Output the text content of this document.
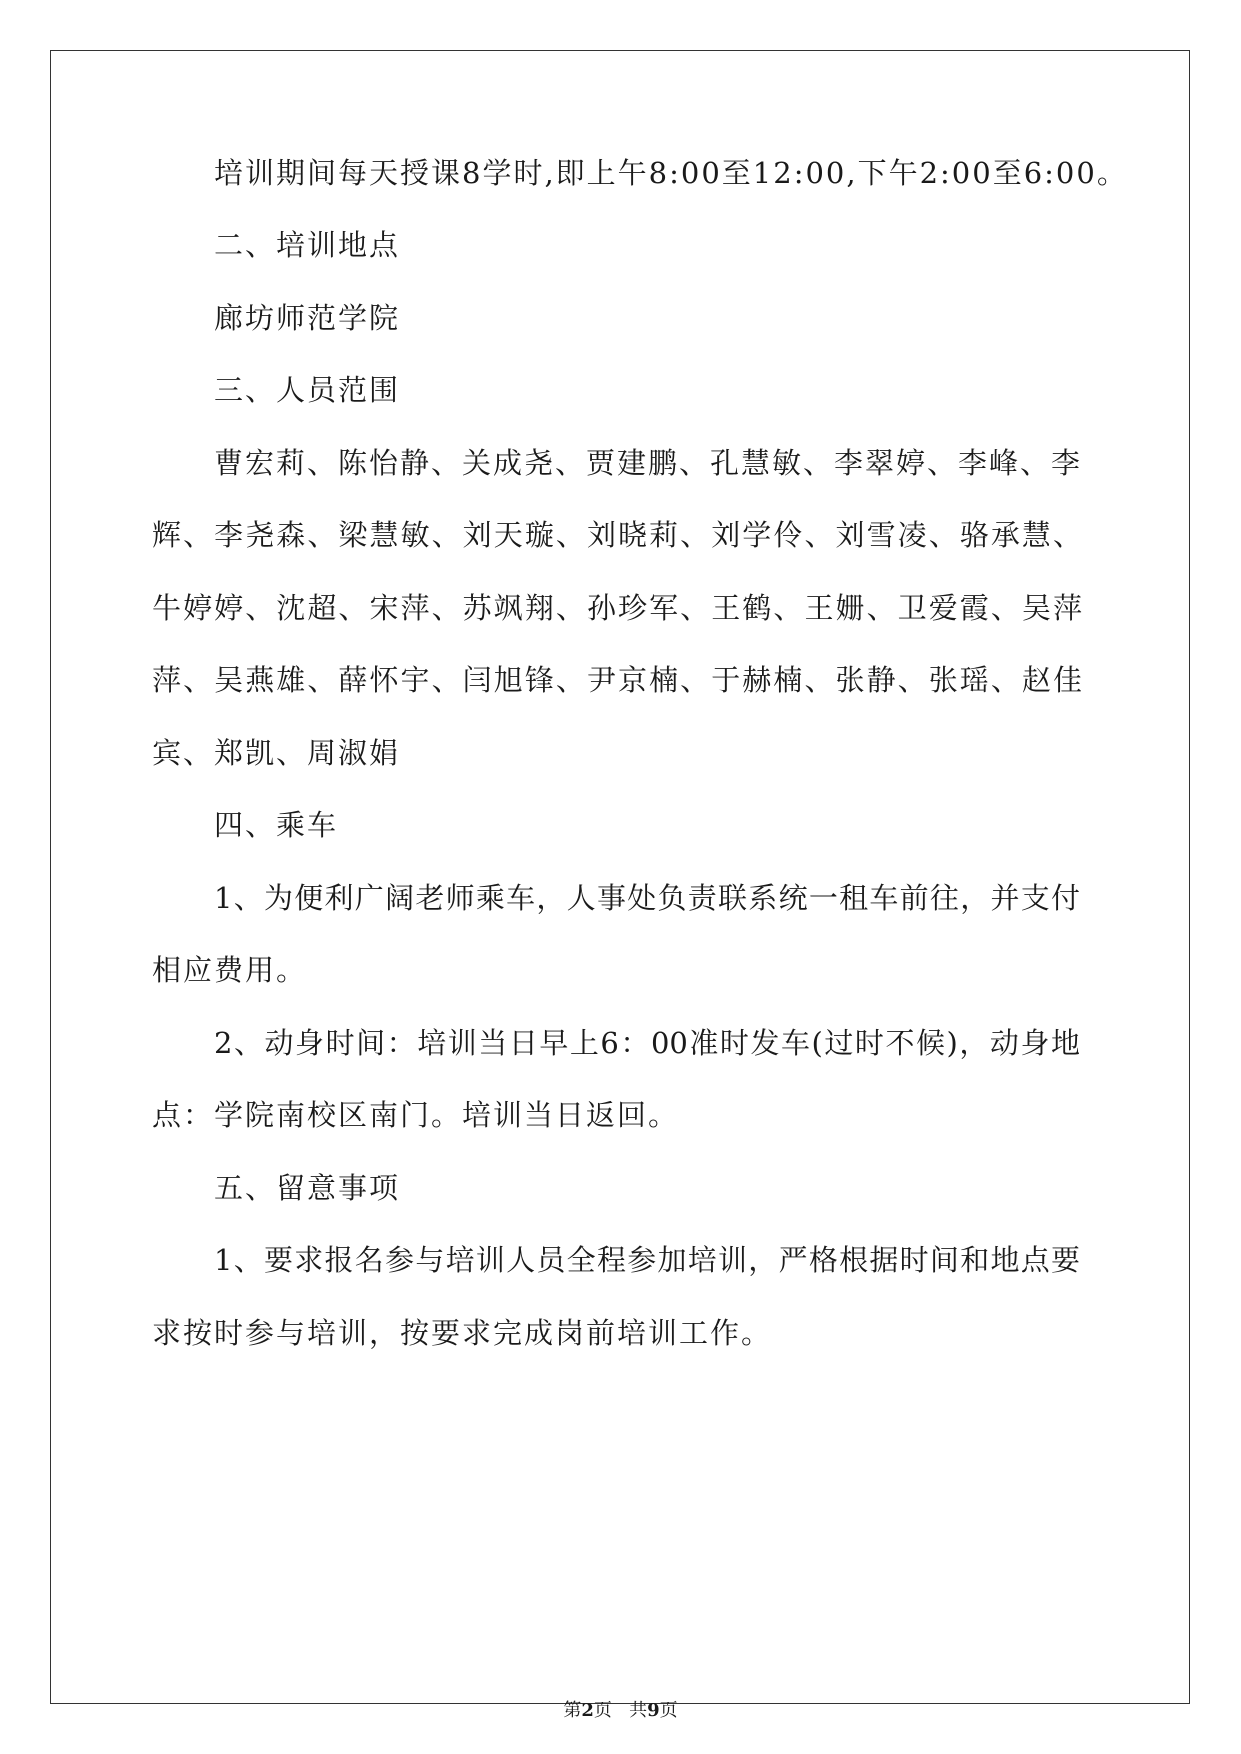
培训期间每天授课8学时,即上午8:00至12:00,下午2:00至6:00。
二、培训地点
廊坊师范学院
三、人员范围
曹宏莉、陈怡静、关成尧、贾建鹏、孔慧敏、李翠婷、李峰、李
辉、李尧森、梁慧敏、刘天璇、刘晓莉、刘学伶、刘雪凌、骆承慧、
牛婷婷、沈超、宋萍、苏飒翔、孙珍军、王鹤、王姗、卫爱霞、吴萍
萍、吴燕雄、薛怀宇、闫旭锋、尹京楠、于赫楠、张静、张瑶、赵佳
宾、郑凯、周淑娟
四、乘车
1、为便利广阔老师乘车，人事处负责联系统一租车前往，并支付
相应费用。
2、动身时间：培训当日早上6：00准时发车(过时不候)，动身地
点：学院南校区南门。培训当日返回。
五、留意事项
1、要求报名参与培训人员全程参加培训，严格根据时间和地点要
求按时参与培训，按要求完成岗前培训工作。
第2页   共9页
